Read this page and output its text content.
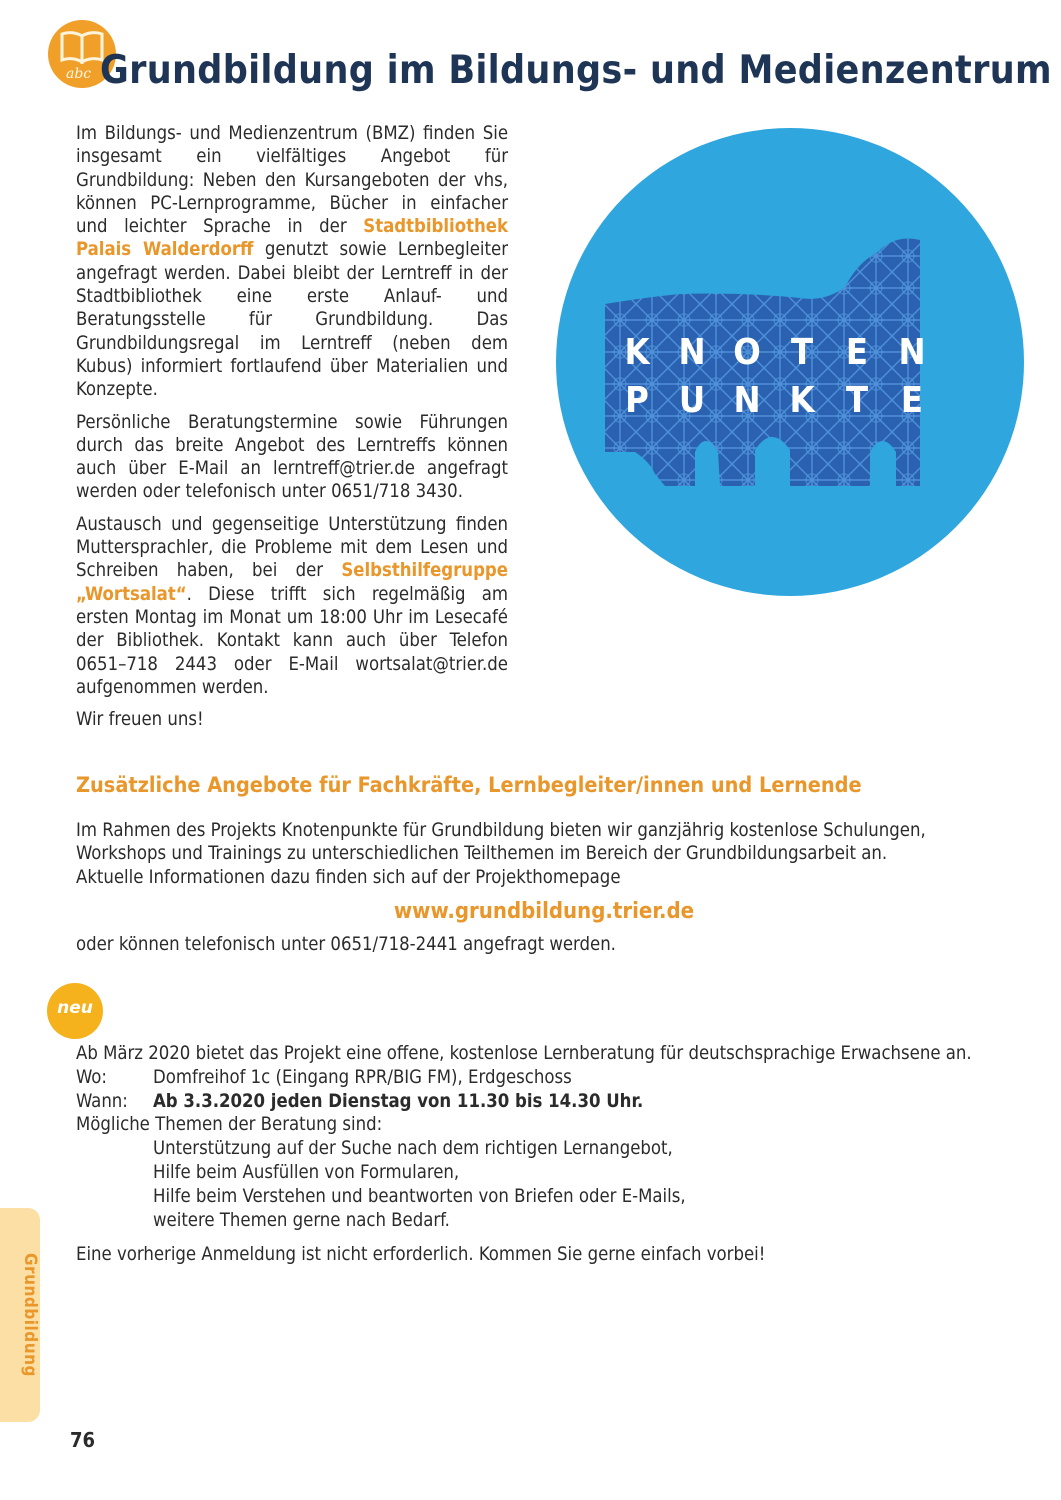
abc Grundbildung im Bildungs- und Medienzentrum

Im Bildungs- und Medienzentrum (BMZ) finden Sie insgesamt ein vielfältiges Angebot für Grundbildung: Neben den Kursangeboten der vhs, können PC-Lernprogramme, Bücher in einfacher und leichter Sprache in der Stadtbibliothek Palais Walderdorff genutzt sowie Lernbegleiter angefragt werden. Dabei bleibt der Lerntreff in der Stadtbibliothek eine erste Anlauf- und Beratungsstelle für Grundbildung. Das Grundbildungsregal im Lerntreff (neben dem Kubus) informiert fortlaufend über Materialien und Konzepte.

Persönliche Beratungstermine sowie Führungen durch das breite Angebot des Lerntreffs können auch über E-Mail an lerntreff@trier.de angefragt werden oder telefonisch unter 0651/718 3430.

Austausch und gegenseitige Unterstützung finden Muttersprachler, die Probleme mit dem Lesen und Schreiben haben, bei der Selbsthilfegruppe „Wortsalat“. Diese trifft sich regelmäßig am ersten Montag im Monat um 18:00 Uhr im Lesecafé der Bibliothek. Kontakt kann auch über Telefon 0651–718 2443 oder E-Mail wortsalat@trier.de aufgenommen werden.

Wir freuen uns!

K N O T E N
P U N K T E
Zusätzliche Angebote für Fachkräfte, Lernbegleiter/innen und Lernende

Im Rahmen des Projekts Knotenpunkte für Grundbildung bieten wir ganzjährig kostenlose Schulungen, Workshops und Trainings zu unterschiedlichen Teilthemen im Bereich der Grundbildungsarbeit an.

Aktuelle Informationen dazu finden sich auf der Projekthomepage

www.grundbildung.trier.de
oder können telefonisch unter 0651/718-2441 angefragt werden.
neu
Ab März 2020 bietet das Projekt eine offene, kostenlose Lernberatung für deutschsprachige Erwachsene an.
Wo:	Domfreihof 1c (Eingang RPR/BIG FM), Erdgeschoss
Wann: Ab 3.3.2020 jeden Dienstag von 11.30 bis 14.30 Uhr.
Mögliche Themen der Beratung sind:
Unterstützung auf der Suche nach dem richtigen Lernangebot,
Hilfe beim Ausfüllen von Formularen,
Hilfe beim Verstehen und beantworten von Briefen oder E-Mails,
weitere Themen gerne nach Bedarf.
Eine vorherige Anmeldung ist nicht erforderlich. Kommen Sie gerne einfach vorbei!
Grundbildung
76
